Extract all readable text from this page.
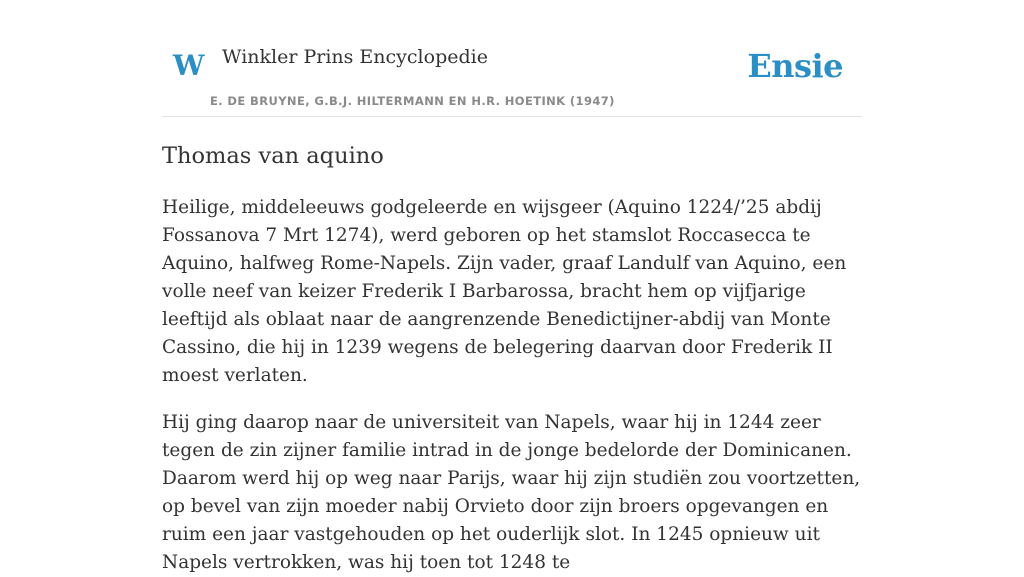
W Winkler Prins Encyclopedie
E. DE BRUYNE, G.B.J. HILTERMANN EN H.R. HOETINK (1947)
Ensie
Thomas van aquino

Heilige, middeleeuws godgeleerde en wijsgeer (Aquino 1224/’25 abdij Fossanova 7 Mrt 1274), werd geboren op het stamslot Roccasecca te Aquino, halfweg Rome-Napels. Zijn vader, graaf Landulf van Aquino, een volle neef van keizer Frederik I Barbarossa, bracht hem op vijfjarige leeftijd als oblaat naar de aangrenzende Benedictijner-abdij van Monte Cassino, die hij in 1239 wegens de belegering daarvan door Frederik II moest verlaten.

Hij ging daarop naar de universiteit van Napels, waar hij in 1244 zeer tegen de zin zijner familie intrad in de jonge bedelorde der Dominicanen. Daarom werd hij op weg naar Parijs, waar hij zijn studiën zou voortzetten, op bevel van zijn moeder nabij Orvieto door zijn broers opgevangen en ruim een jaar vastgehouden op het ouderlijk slot. In 1245 opnieuw uit Napels vertrokken, was hij toen tot 1248 te
